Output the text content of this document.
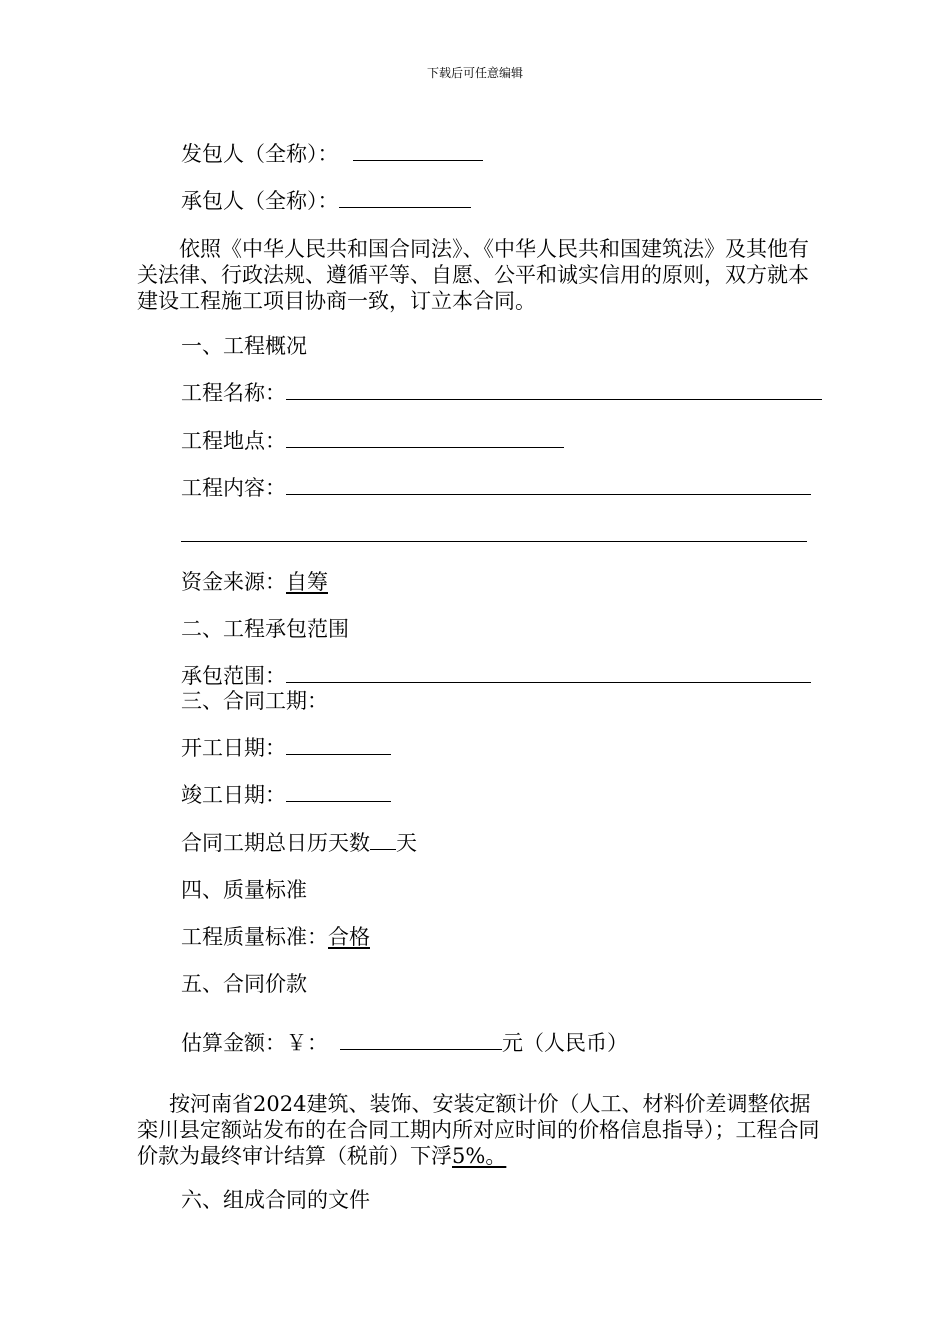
下载后可任意编辑
发包人（全称）：
承包人（全称）：
依照《中华人民共和国合同法》、《中华人民共和国建筑法》及其他有关法律、行政法规、遵循平等、自愿、公平和诚实信用的原则，双方就本建设工程施工项目协商一致，订立本合同。
一、工程概况
工程名称：
工程地点：
工程内容：
资金来源：自筹
二、工程承包范围
承包范围：
三、合同工期：
开工日期：
竣工日期：
合同工期总日历天数 天
四、质量标准
工程质量标准：合格
五、合同价款
估算金额：￥：	元（人民币）
按河南省2024建筑、装饰、安装定额计价（人工、材料价差调整依据栾川县定额站发布的在合同工期内所对应时间的价格信息指导）；工程合同价款为最终审计结算（税前）下浮5%。
六、组成合同的文件
